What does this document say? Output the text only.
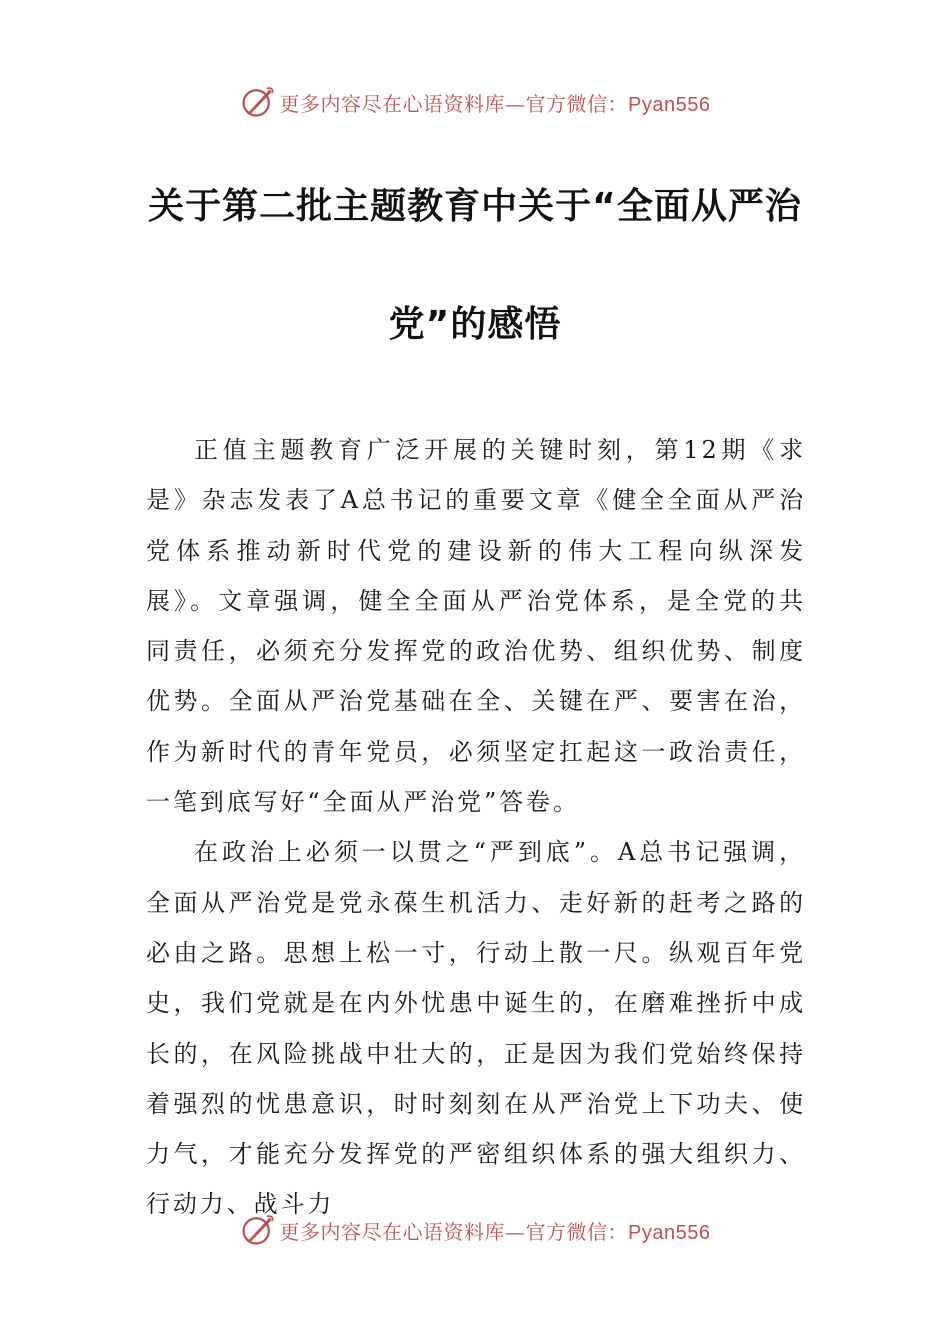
更多内容尽在心语资料库—官方微信：Pyan556
关于第二批主题教育中关于“全面从严治
党”的感悟

正值主题教育广泛开展的关键时刻，第12期《求是》杂志发表了A总书记的重要文章《健全全面从严治党体系推动新时代党的建设新的伟大工程向纵深发展》。文章强调，健全全面从严治党体系，是全党的共同责任，必须充分发挥党的政治优势、组织优势、制度优势。全面从严治党基础在全、关键在严、要害在治，作为新时代的青年党员，必须坚定扛起这一政治责任，一笔到底写好“全面从严治党”答卷。

在政治上必须一以贯之“严到底”。A总书记强调，全面从严治党是党永葆生机活力、走好新的赶考之路的必由之路。思想上松一寸，行动上散一尺。纵观百年党史，我们党就是在内外忧患中诞生的，在磨难挫折中成长的，在风险挑战中壮大的，正是因为我们党始终保持着强烈的忧患意识，时时刻刻在从严治党上下功夫、使力气，才能充分发挥党的严密组织体系的强大组织力、行动力、战斗力

更多内容尽在心语资料库—官方微信：Pyan556
